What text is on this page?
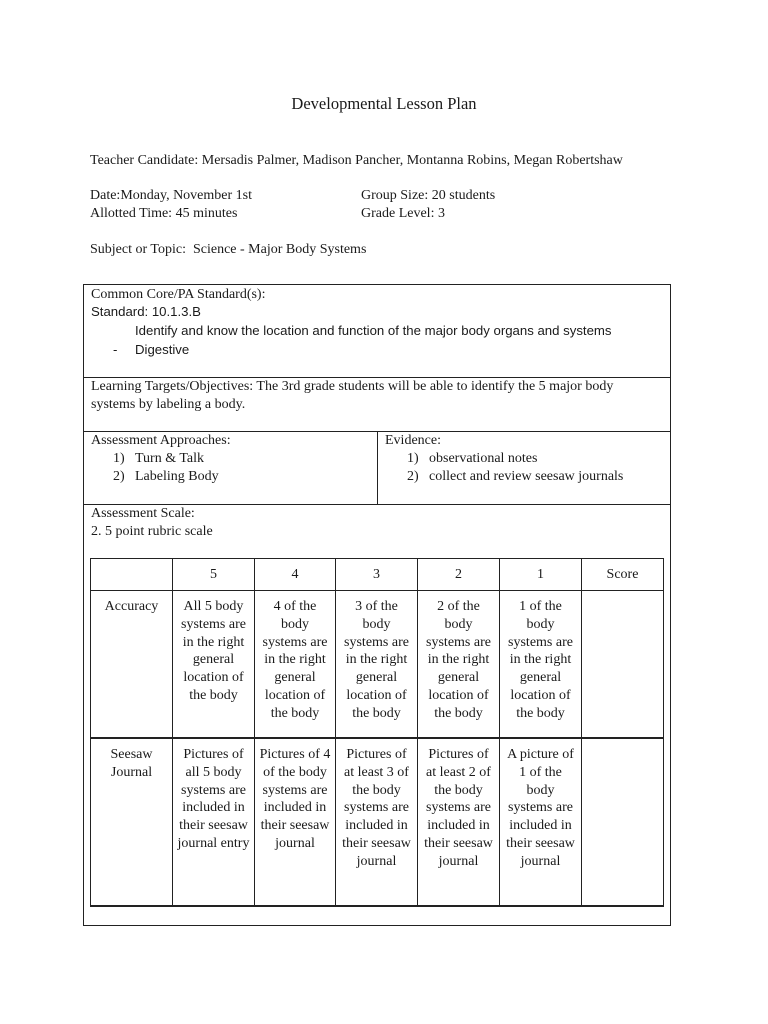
Developmental Lesson Plan
Teacher Candidate: Mersadis Palmer, Madison Pancher, Montanna Robins, Megan Robertshaw
Date:Monday, November 1st
Allotted Time: 45 minutes
Group Size: 20 students
Grade Level: 3
Subject or Topic:  Science - Major Body Systems
Common Core/PA Standard(s):
Standard: 10.1.3.B
Identify and know the location and function of the major body organs and systems
- Digestive
Learning Targets/Objectives: The 3rd grade students will be able to identify the 5 major body
systems by labeling a body.
Assessment Approaches:
1) Turn & Talk
2) Labeling Body
Evidence:
1) observational notes
2) collect and review seesaw journals
Assessment Scale:
2. 5 point rubric scale
	5	4	3	2	1	Score
Accuracy	All 5 body systems are in the right general location of the body	4 of the body systems are in the right general location of the body	3 of the body systems are in the right general location of the body	2 of the body systems are in the right general location of the body	1 of the body systems are in the right general location of the body	
Seesaw Journal	Pictures of all 5 body systems are included in their seesaw journal entry	Pictures of 4 of the body systems are included in their seesaw journal	Pictures of at least 3 of the body systems are included in their seesaw journal	Pictures of at least 2 of the body systems are included in their seesaw journal	A picture of 1 of the body systems are included in their seesaw journal	
